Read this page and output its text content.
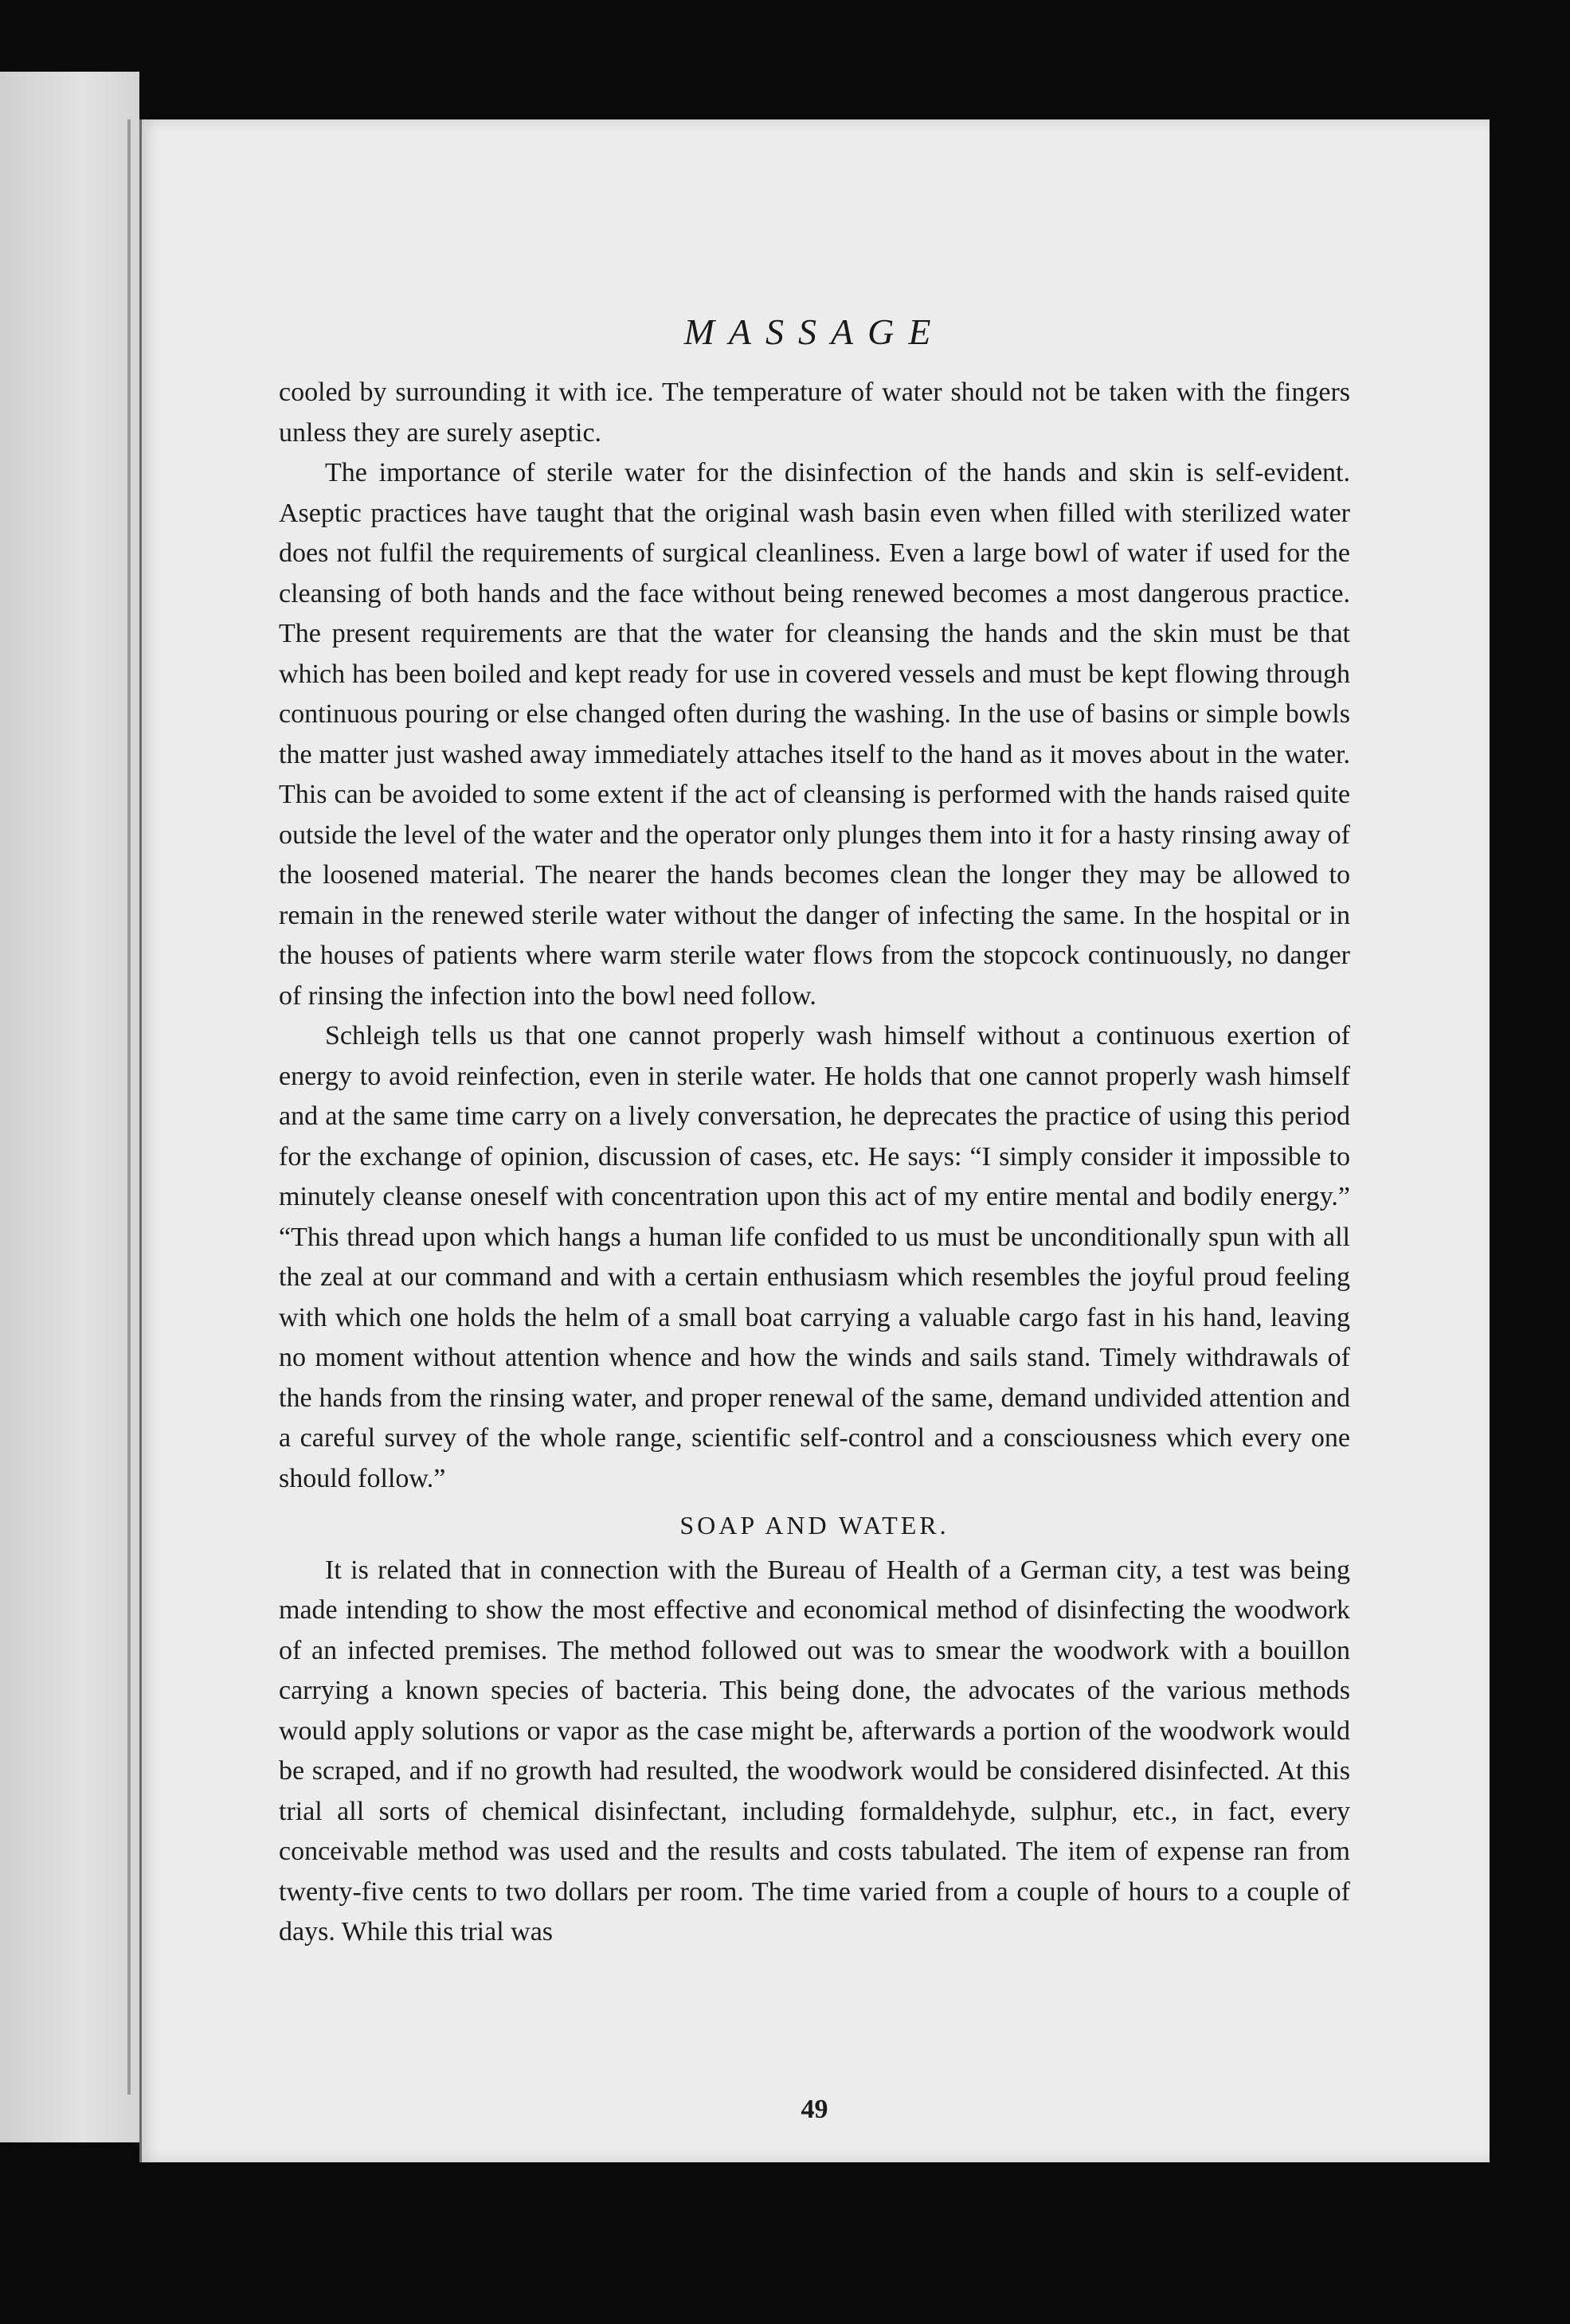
MASSAGE

cooled by surrounding it with ice. The temperature of water should not be taken with the fingers unless they are surely aseptic.

The importance of sterile water for the disinfection of the hands and skin is self-evident. Aseptic practices have taught that the original wash basin even when filled with sterilized water does not fulfil the requirements of surgical cleanliness. Even a large bowl of water if used for the cleansing of both hands and the face without being renewed becomes a most dangerous practice. The present requirements are that the water for cleansing the hands and the skin must be that which has been boiled and kept ready for use in covered vessels and must be kept flowing through continuous pouring or else changed often during the washing. In the use of basins or simple bowls the matter just washed away immediately attaches itself to the hand as it moves about in the water. This can be avoided to some extent if the act of cleansing is performed with the hands raised quite outside the level of the water and the operator only plunges them into it for a hasty rinsing away of the loosened material. The nearer the hands becomes clean the longer they may be allowed to remain in the renewed sterile water without the danger of infecting the same. In the hospital or in the houses of patients where warm sterile water flows from the stopcock continuously, no danger of rinsing the infection into the bowl need follow.

Schleigh tells us that one cannot properly wash himself without a continuous exertion of energy to avoid reinfection, even in sterile water. He holds that one cannot properly wash himself and at the same time carry on a lively conversation, he deprecates the practice of using this period for the exchange of opinion, discussion of cases, etc. He says: “I simply consider it impossible to minutely cleanse oneself with concentration upon this act of my entire mental and bodily energy.” “This thread upon which hangs a human life confided to us must be unconditionally spun with all the zeal at our command and with a certain enthusiasm which resembles the joyful proud feeling with which one holds the helm of a small boat carrying a valuable cargo fast in his hand, leaving no moment without attention whence and how the winds and sails stand. Timely withdrawals of the hands from the rinsing water, and proper renewal of the same, demand undivided attention and a careful survey of the whole range, scientific self-control and a consciousness which every one should follow.”

SOAP AND WATER.

It is related that in connection with the Bureau of Health of a German city, a test was being made intending to show the most effective and economical method of disinfecting the woodwork of an infected premises. The method followed out was to smear the woodwork with a bouillon carrying a known species of bacteria. This being done, the advocates of the various methods would apply solutions or vapor as the case might be, afterwards a portion of the woodwork would be scraped, and if no growth had resulted, the woodwork would be considered disinfected. At this trial all sorts of chemical disinfectant, including formaldehyde, sulphur, etc., in fact, every conceivable method was used and the results and costs tabulated. The item of expense ran from twenty-five cents to two dollars per room. The time varied from a couple of hours to a couple of days. While this trial was

49
